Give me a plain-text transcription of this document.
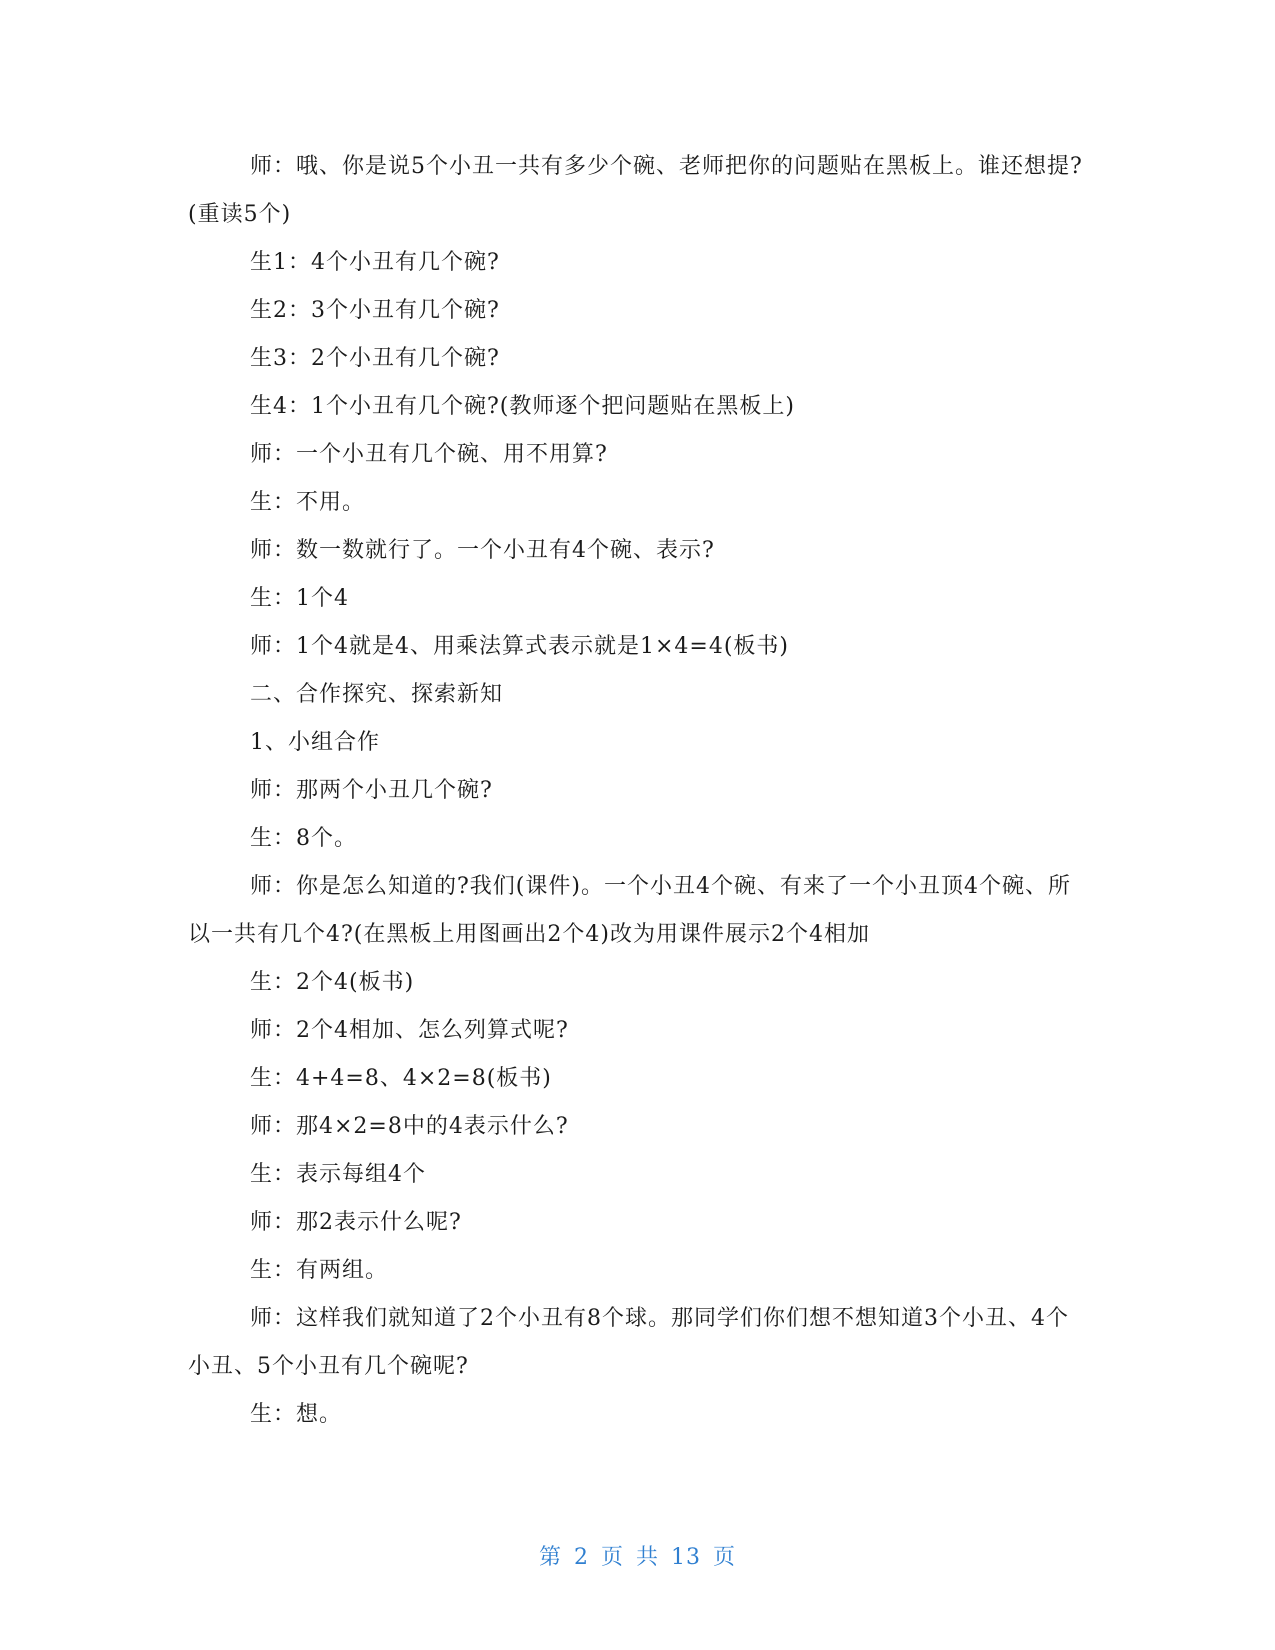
师：哦、你是说5个小丑一共有多少个碗、老师把你的问题贴在黑板上。谁还想提?(重读5个)

生1：4个小丑有几个碗?

生2：3个小丑有几个碗?

生3：2个小丑有几个碗?

生4：1个小丑有几个碗?(教师逐个把问题贴在黑板上)

师：一个小丑有几个碗、用不用算?

生：不用。

师：数一数就行了。一个小丑有4个碗、表示?

生：1个4

师：1个4就是4、用乘法算式表示就是1×4=4(板书)

二、合作探究、探索新知

1、小组合作

师：那两个小丑几个碗?

生：8个。

师：你是怎么知道的?我们(课件)。一个小丑4个碗、有来了一个小丑顶4个碗、所以一共有几个4?(在黑板上用图画出2个4)改为用课件展示2个4相加

生：2个4(板书)

师：2个4相加、怎么列算式呢?

生：4+4=8、4×2=8(板书)

师：那4×2=8中的4表示什么?

生：表示每组4个

师：那2表示什么呢?

生：有两组。

师：这样我们就知道了2个小丑有8个球。那同学们你们想不想知道3个小丑、4个小丑、5个小丑有几个碗呢?

生：想。

第 2 页 共 13 页
